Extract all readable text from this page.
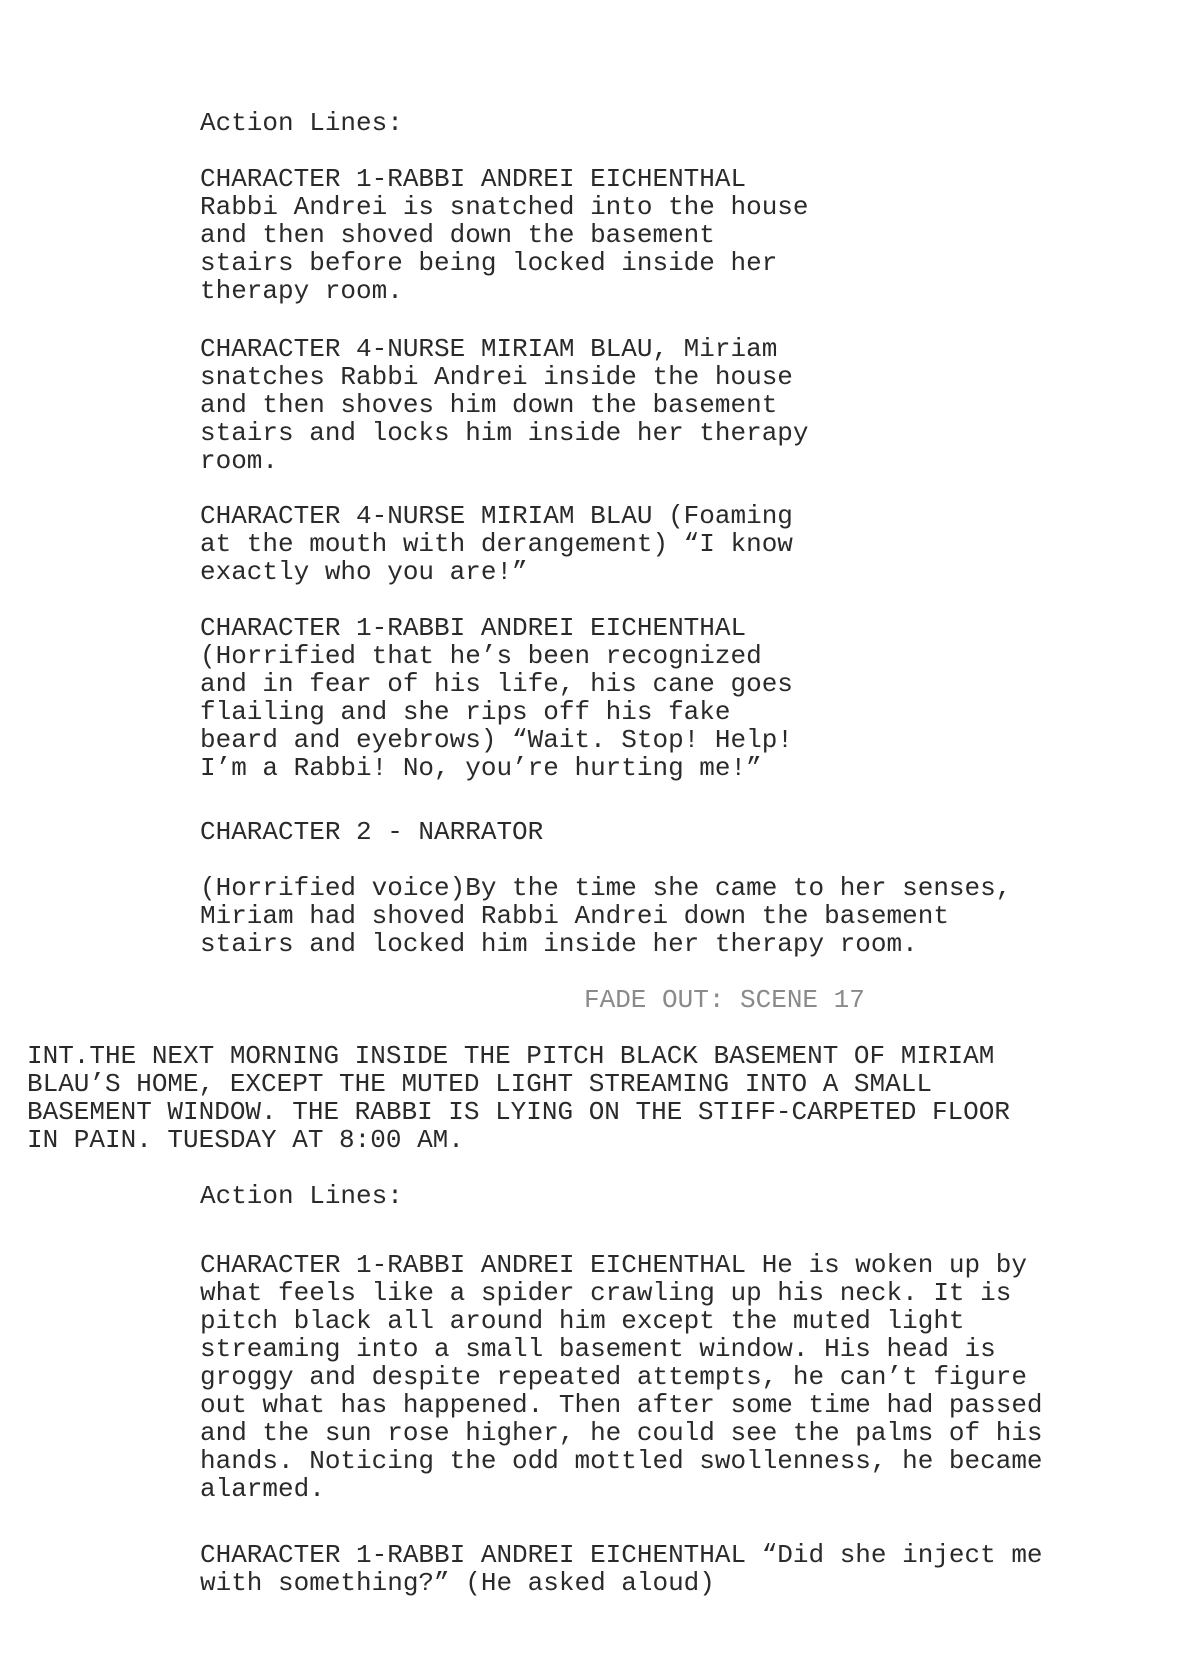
Action Lines:

CHARACTER 1-RABBI ANDREI EICHENTHAL
Rabbi Andrei is snatched into the house
and then shoved down the basement
stairs before being locked inside her
therapy room.

CHARACTER 4-NURSE MIRIAM BLAU, Miriam
snatches Rabbi Andrei inside the house
and then shoves him down the basement
stairs and locks him inside her therapy
room.

CHARACTER 4-NURSE MIRIAM BLAU (Foaming
at the mouth with derangement) “I know
exactly who you are!”

CHARACTER 1-RABBI ANDREI EICHENTHAL
(Horrified that he’s been recognized
and in fear of his life, his cane goes
flailing and she rips off his fake
beard and eyebrows) “Wait. Stop! Help!
I’m a Rabbi! No, you’re hurting me!”

CHARACTER 2 - NARRATOR

(Horrified voice)By the time she came to her senses,
Miriam had shoved Rabbi Andrei down the basement
stairs and locked him inside her therapy room.

FADE OUT: SCENE 17

INT.THE NEXT MORNING INSIDE THE PITCH BLACK BASEMENT OF MIRIAM
BLAU’S HOME, EXCEPT THE MUTED LIGHT STREAMING INTO A SMALL
BASEMENT WINDOW. THE RABBI IS LYING ON THE STIFF-CARPETED FLOOR
IN PAIN. TUESDAY AT 8:00 AM.

Action Lines:

CHARACTER 1-RABBI ANDREI EICHENTHAL He is woken up by
what feels like a spider crawling up his neck. It is
pitch black all around him except the muted light
streaming into a small basement window. His head is
groggy and despite repeated attempts, he can’t figure
out what has happened. Then after some time had passed
and the sun rose higher, he could see the palms of his
hands. Noticing the odd mottled swollenness, he became
alarmed.

CHARACTER 1-RABBI ANDREI EICHENTHAL “Did she inject me
with something?” (He asked aloud)
